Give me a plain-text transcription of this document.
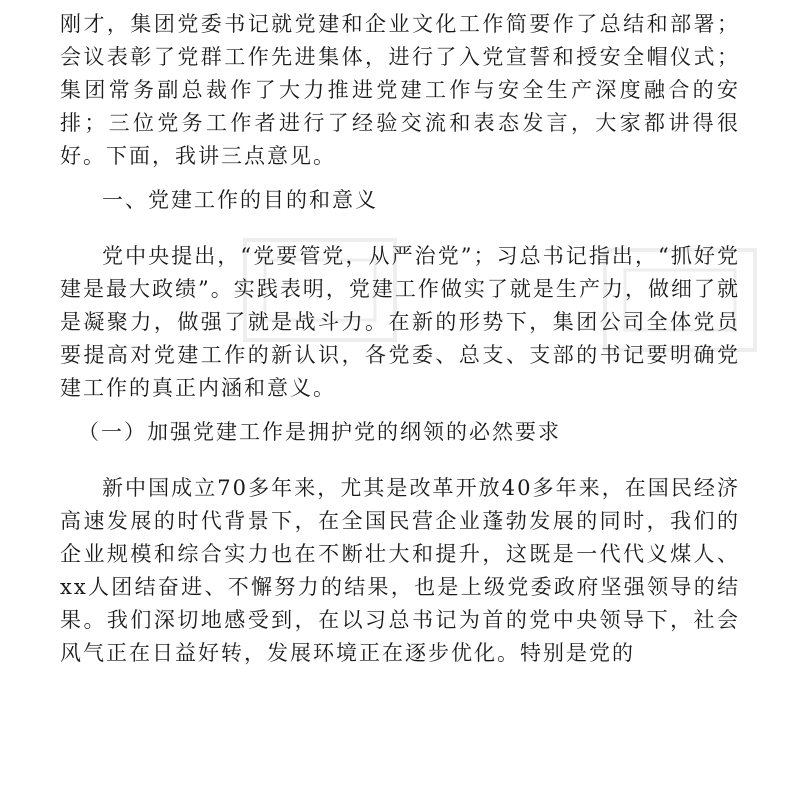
刚才，集团党委书记就党建和企业文化工作简要作了总结和部署；会议表彰了党群工作先进集体，进行了入党宣誓和授安全帽仪式；集团常务副总裁作了大力推进党建工作与安全生产深度融合的安排；三位党务工作者进行了经验交流和表态发言，大家都讲得很好。下面，我讲三点意见。

一、党建工作的目的和意义

党中央提出，“党要管党，从严治党”；习总书记指出，“抓好党建是最大政绩”。实践表明，党建工作做实了就是生产力，做细了就是凝聚力，做强了就是战斗力。在新的形势下，集团公司全体党员要提高对党建工作的新认识，各党委、总支、支部的书记要明确党建工作的真正内涵和意义。

（一）加强党建工作是拥护党的纲领的必然要求

新中国成立70多年来，尤其是改革开放40多年来，在国民经济高速发展的时代背景下，在全国民营企业蓬勃发展的同时，我们的企业规模和综合实力也在不断壮大和提升，这既是一代代义煤人、xx人团结奋进、不懈努力的结果，也是上级党委政府坚强领导的结果。我们深切地感受到，在以习总书记为首的党中央领导下，社会风气正在日益好转，发展环境正在逐步优化。特别是党的
